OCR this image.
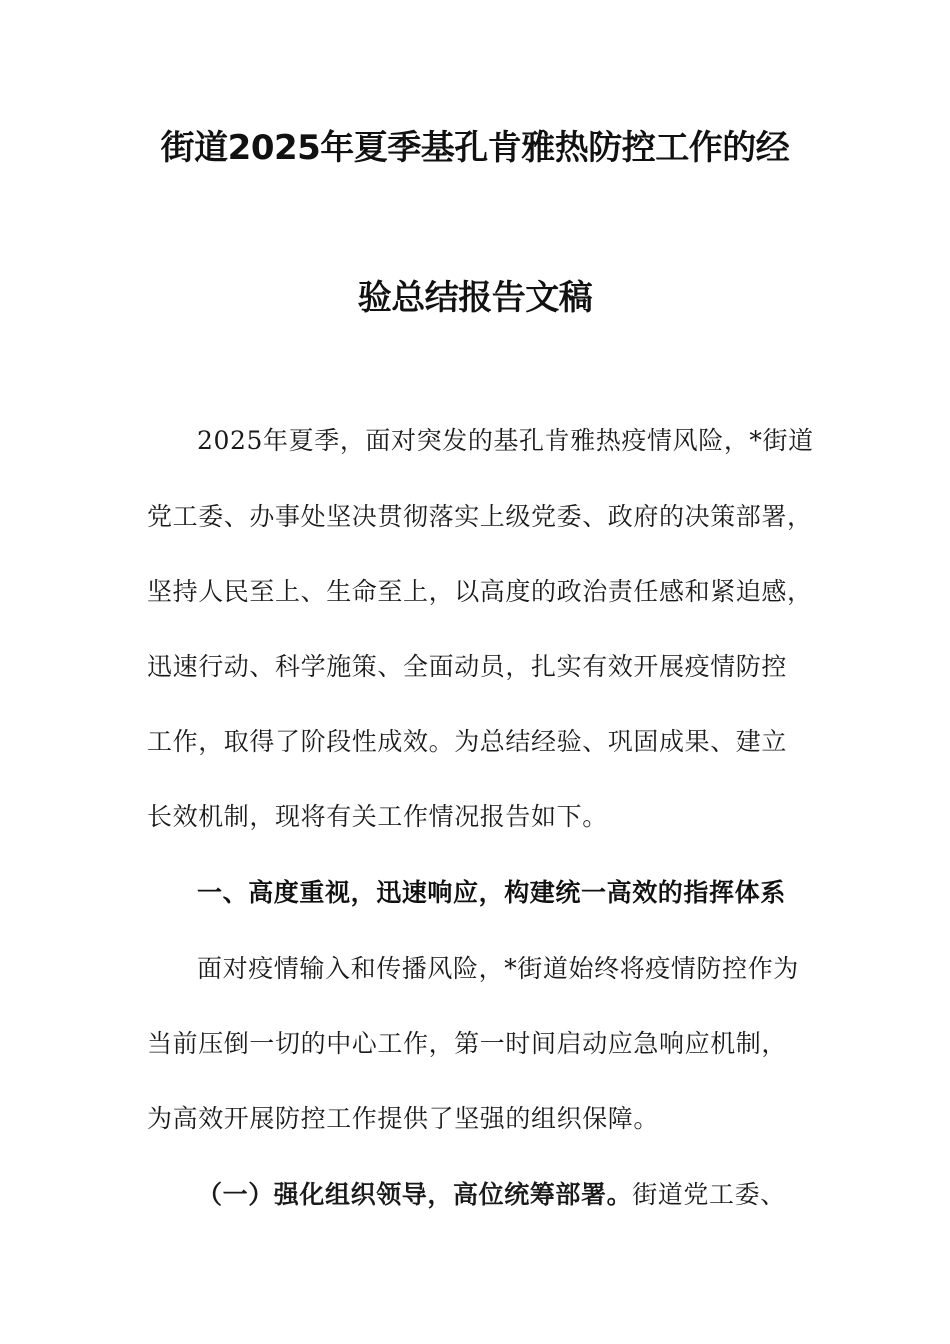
街道2025年夏季基孔肯雅热防控工作的经
验总结报告文稿
2025年夏季，面对突发的基孔肯雅热疫情风险，*街道
党工委、办事处坚决贯彻落实上级党委、政府的决策部署，
坚持人民至上、生命至上，以高度的政治责任感和紧迫感，
迅速行动、科学施策、全面动员，扎实有效开展疫情防控
工作，取得了阶段性成效。为总结经验、巩固成果、建立
长效机制，现将有关工作情况报告如下。
一、高度重视，迅速响应，构建统一高效的指挥体系
面对疫情输入和传播风险，*街道始终将疫情防控作为
当前压倒一切的中心工作，第一时间启动应急响应机制，
为高效开展防控工作提供了坚强的组织保障。
（一）强化组织领导，高位统筹部署。街道党工委、
